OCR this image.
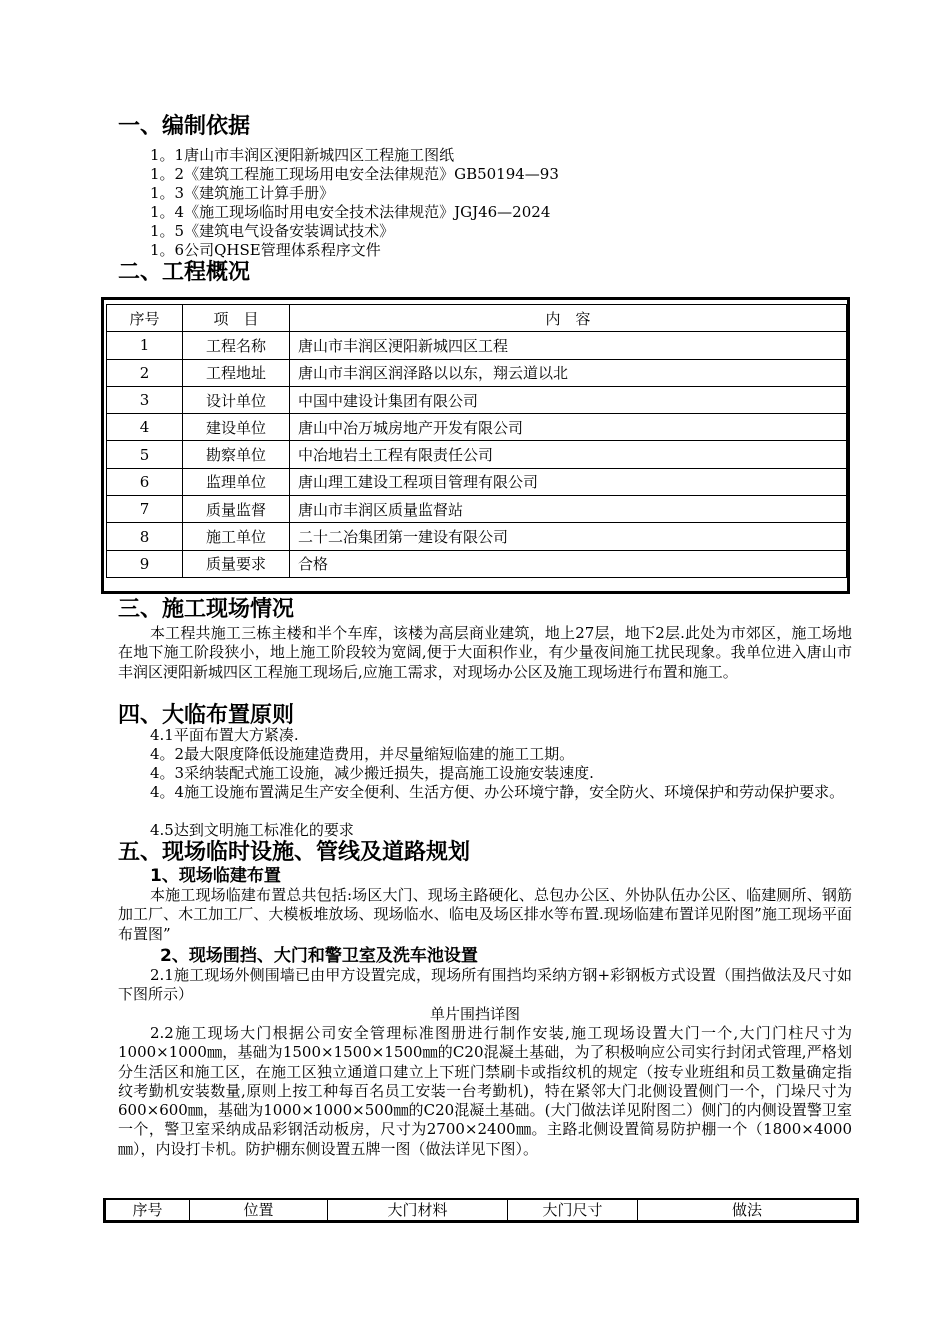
一、编制依据
1。1唐山市丰润区浭阳新城四区工程施工图纸
1。2《建筑工程施工现场用电安全法律规范》GB50194—93
1。3《建筑施工计算手册》
1。4《施工现场临时用电安全技术法律规范》JGJ46—2024
1。5《建筑电气设备安装调试技术》
1。6公司QHSE管理体系程序文件
二、工程概况
序号	项　目	内　容
1	工程名称	唐山市丰润区浭阳新城四区工程
2	工程地址	唐山市丰润区润泽路以以东，翔云道以北
3	设计单位	中国中建设计集团有限公司
4	建设单位	唐山中冶万城房地产开发有限公司
5	勘察单位	中冶地岩土工程有限责任公司
6	监理单位	唐山理工建设工程项目管理有限公司
7	质量监督	唐山市丰润区质量监督站
8	施工单位	二十二冶集团第一建设有限公司
9	质量要求	合格
三、施工现场情况
本工程共施工三栋主楼和半个车库，该楼为高层商业建筑，地上27层，地下2层.此处为市郊区，施工场地在地下施工阶段狭小，地上施工阶段较为宽阔,便于大面积作业，有少量夜间施工扰民现象。我单位进入唐山市丰润区浭阳新城四区工程施工现场后,应施工需求，对现场办公区及施工现场进行布置和施工。
四、大临布置原则
4.1平面布置大方紧凑.
4。2最大限度降低设施建造费用，并尽量缩短临建的施工工期。
4。3采纳装配式施工设施，减少搬迁损失，提高施工设施安装速度.
4。4施工设施布置满足生产安全便利、生活方便、办公环境宁静，安全防火、环境保护和劳动保护要求。
4.5达到文明施工标准化的要求
五、现场临时设施、管线及道路规划
1、现场临建布置
本施工现场临建布置总共包括:场区大门、现场主路硬化、总包办公区、外协队伍办公区、临建厕所、钢筋加工厂、木工加工厂、大模板堆放场、现场临水、临电及场区排水等布置.现场临建布置详见附图”施工现场平面布置图”
2、现场围挡、大门和警卫室及洗车池设置
2.1施工现场外侧围墙已由甲方设置完成，现场所有围挡均采纳方钢+彩钢板方式设置（围挡做法及尺寸如下图所示）
单片围挡详图
2.2施工现场大门根据公司安全管理标准图册进行制作安装,施工现场设置大门一个,大门门柱尺寸为1000×1000㎜，基础为1500×1500×1500㎜的C20混凝土基础，为了积极响应公司实行封闭式管理,严格划分生活区和施工区，在施工区独立通道口建立上下班门禁刷卡或指纹机的规定（按专业班组和员工数量确定指纹考勤机安装数量,原则上按工种每百名员工安装一台考勤机)，特在紧邻大门北侧设置侧门一个，门垛尺寸为600×600㎜，基础为1000×1000×500㎜的C20混凝土基础。(大门做法详见附图二）侧门的内侧设置警卫室一个，警卫室采纳成品彩钢活动板房，尺寸为2700×2400㎜。主路北侧设置简易防护棚一个（1800×4000㎜），内设打卡机。防护棚东侧设置五牌一图（做法详见下图）。
序号	位置	大门材料	大门尺寸	做法
